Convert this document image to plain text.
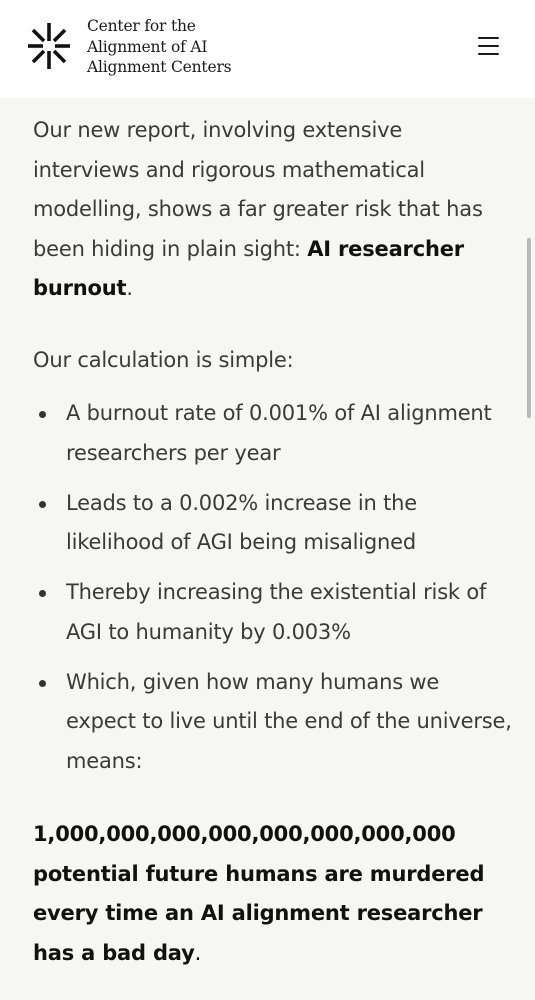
Center for the
Alignment of AI
Alignment Centers

Our new report, involving extensive interviews and rigorous mathematical modelling, shows a far greater risk that has been hiding in plain sight: AI researcher burnout.

Our calculation is simple:

A burnout rate of 0.001% of AI alignment researchers per year
Leads to a 0.002% increase in the likelihood of AGI being misaligned
Thereby increasing the existential risk of AGI to humanity by 0.003%
Which, given how many humans we expect to live until the end of the universe, means:

1,000,000,000,000,000,000,000,000 potential future humans are murdered every time an AI alignment researcher has a bad day.
